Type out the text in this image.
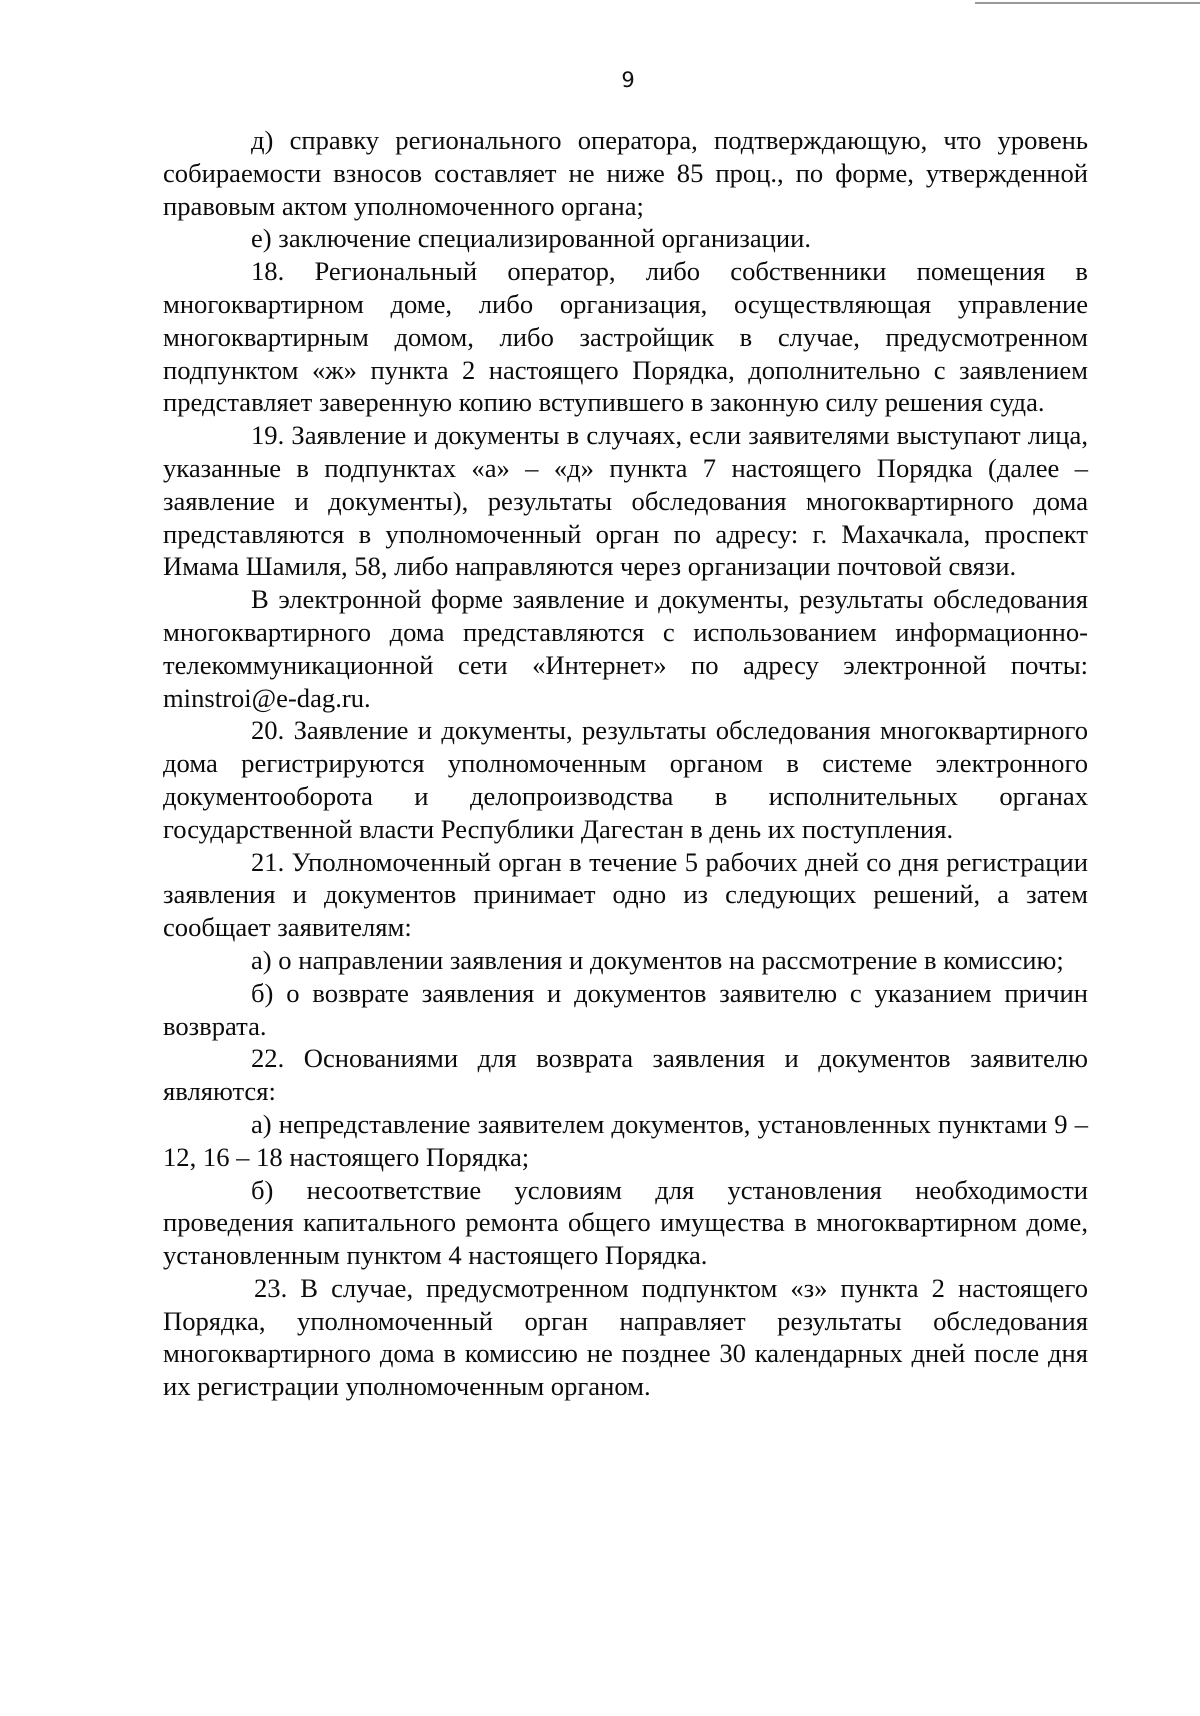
9

д) справку регионального оператора, подтверждающую, что уровень собираемости взносов составляет не ниже 85 проц., по форме, утвержденной правовым актом уполномоченного органа;

е) заключение специализированной организации.

18. Региональный оператор, либо собственники помещения в многоквартирном доме, либо организация, осуществляющая управление многоквартирным домом, либо застройщик в случае, предусмотренном подпунктом «ж» пункта 2 настоящего Порядка, дополнительно с заявлением представляет заверенную копию вступившего в законную силу решения суда.

19. Заявление и документы в случаях, если заявителями выступают лица, указанные в подпунктах «а» – «д» пункта 7 настоящего Порядка (далее – заявление и документы), результаты обследования многоквартирного дома представляются в уполномоченный орган по адресу: г. Махачкала, проспект Имама Шамиля, 58, либо направляются через организации почтовой связи.

В электронной форме заявление и документы, результаты обследования многоквартирного дома представляются с использованием информационно-телекоммуникационной сети «Интернет» по адресу электронной почты: minstroi@e-dag.ru.

20. Заявление и документы, результаты обследования многоквартирного дома регистрируются уполномоченным органом в системе электронного документооборота и делопроизводства в исполнительных органах государственной власти Республики Дагестан в день их поступления.

21. Уполномоченный орган в течение 5 рабочих дней со дня регистрации заявления и документов принимает одно из следующих решений, а затем сообщает заявителям:

а) о направлении заявления и документов на рассмотрение в комиссию;

б) о возврате заявления и документов заявителю с указанием причин возврата.

22. Основаниями для возврата заявления и документов заявителю являются:

а) непредставление заявителем документов, установленных пунктами 9 – 12, 16 – 18 настоящего Порядка;

б) несоответствие условиям для установления необходимости проведения капитального ремонта общего имущества в многоквартирном доме, установленным пунктом 4 настоящего Порядка.

23. В случае, предусмотренном подпунктом «з» пункта 2 настоящего Порядка, уполномоченный орган направляет результаты обследования многоквартирного дома в комиссию не позднее 30 календарных дней после дня их регистрации уполномоченным органом.
